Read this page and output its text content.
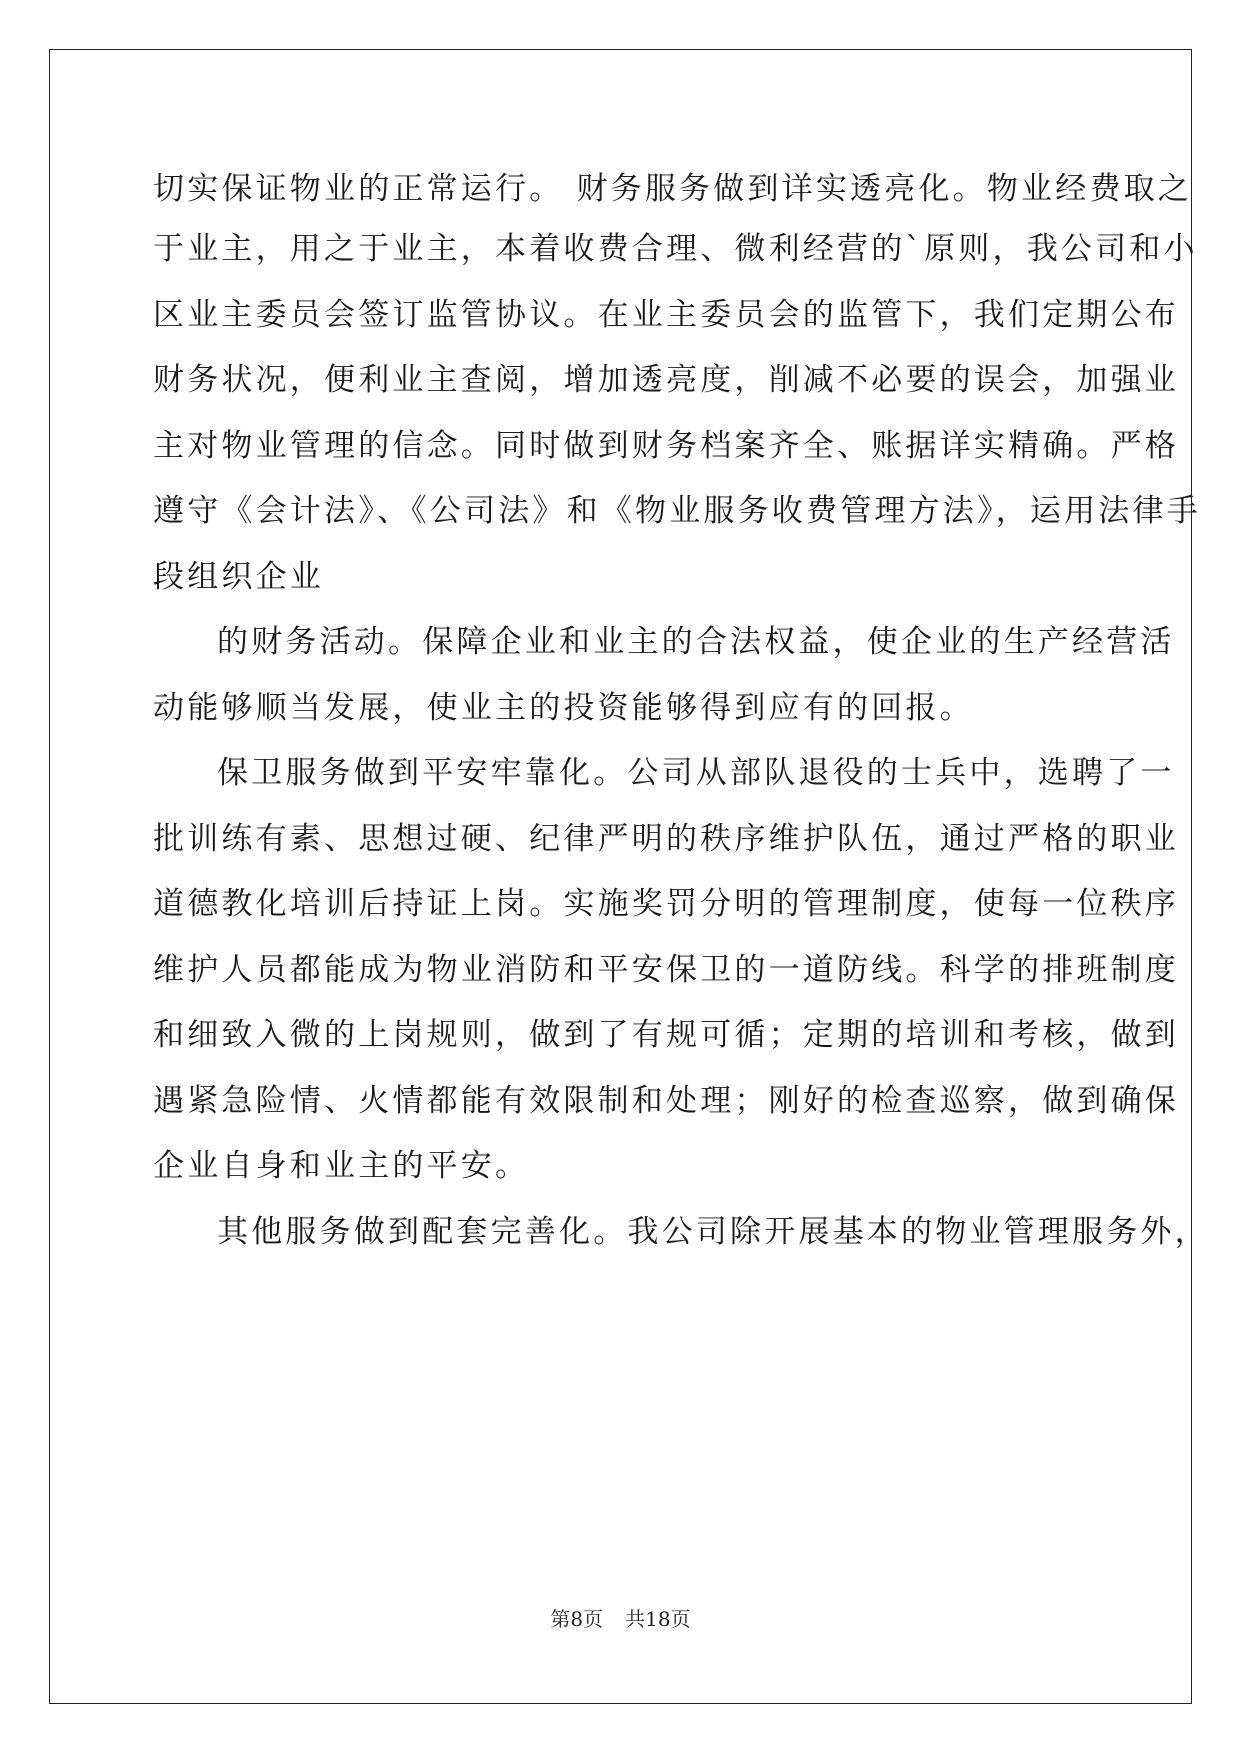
切实保证物业的正常运行。 财务服务做到详实透亮化。物业经费取之
于业主，用之于业主，本着收费合理、微利经营的`原则，我公司和小
区业主委员会签订监管协议。在业主委员会的监管下，我们定期公布
财务状况，便利业主查阅，增加透亮度，削减不必要的误会，加强业
主对物业管理的信念。同时做到财务档案齐全、账据详实精确。严格
遵守《会计法》、《公司法》和《物业服务收费管理方法》，运用法律手
段组织企业
的财务活动。保障企业和业主的合法权益，使企业的生产经营活
动能够顺当发展，使业主的投资能够得到应有的回报。
保卫服务做到平安牢靠化。公司从部队退役的士兵中，选聘了一
批训练有素、思想过硬、纪律严明的秩序维护队伍，通过严格的职业
道德教化培训后持证上岗。实施奖罚分明的管理制度，使每一位秩序
维护人员都能成为物业消防和平安保卫的一道防线。科学的排班制度
和细致入微的上岗规则，做到了有规可循；定期的培训和考核，做到
遇紧急险情、火情都能有效限制和处理；刚好的检查巡察，做到确保
企业自身和业主的平安。
其他服务做到配套完善化。我公司除开展基本的物业管理服务外，
第8页 共18页
